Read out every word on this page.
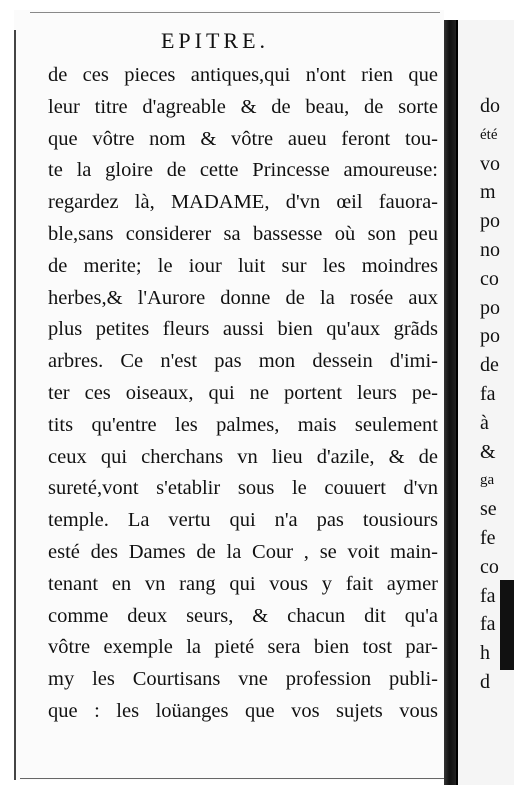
EPITRE.
de ces pieces antiques,qui n'ont rien que
leur titre d'agreable & de beau, de sorte
que vôtre nom & vôtre aueu feront tou-
te la gloire de cette Princesse amoureuse:
regardez là, MADAME, d'vn œil fauora-
ble,sans considerer sa bassesse où son peu
de merite; le iour luit sur les moindres
herbes,& l'Aurore donne de la rosée aux
plus petites fleurs aussi bien qu'aux grãds
arbres. Ce n'est pas mon dessein d'imi-
ter ces oiseaux, qui ne portent leurs pe-
tits qu'entre les palmes, mais seulement
ceux qui cherchans vn lieu d'azile, & de
sureté,vont s'etablir sous le couuert d'vn
temple. La vertu qui n'a pas tousiours
esté des Dames de la Cour , se voit main-
tenant en vn rang qui vous y fait aymer
comme deux seurs, & chacun dit qu'a
vôtre exemple la pieté sera bien tost par-
my les Courtisans vne profession publi-
que : les loüanges que vos sujets vous
do
été
vo
m
po
no
co
po
po
de
fa
à
&
ga
se
fe
co
fa
fa
h
d
